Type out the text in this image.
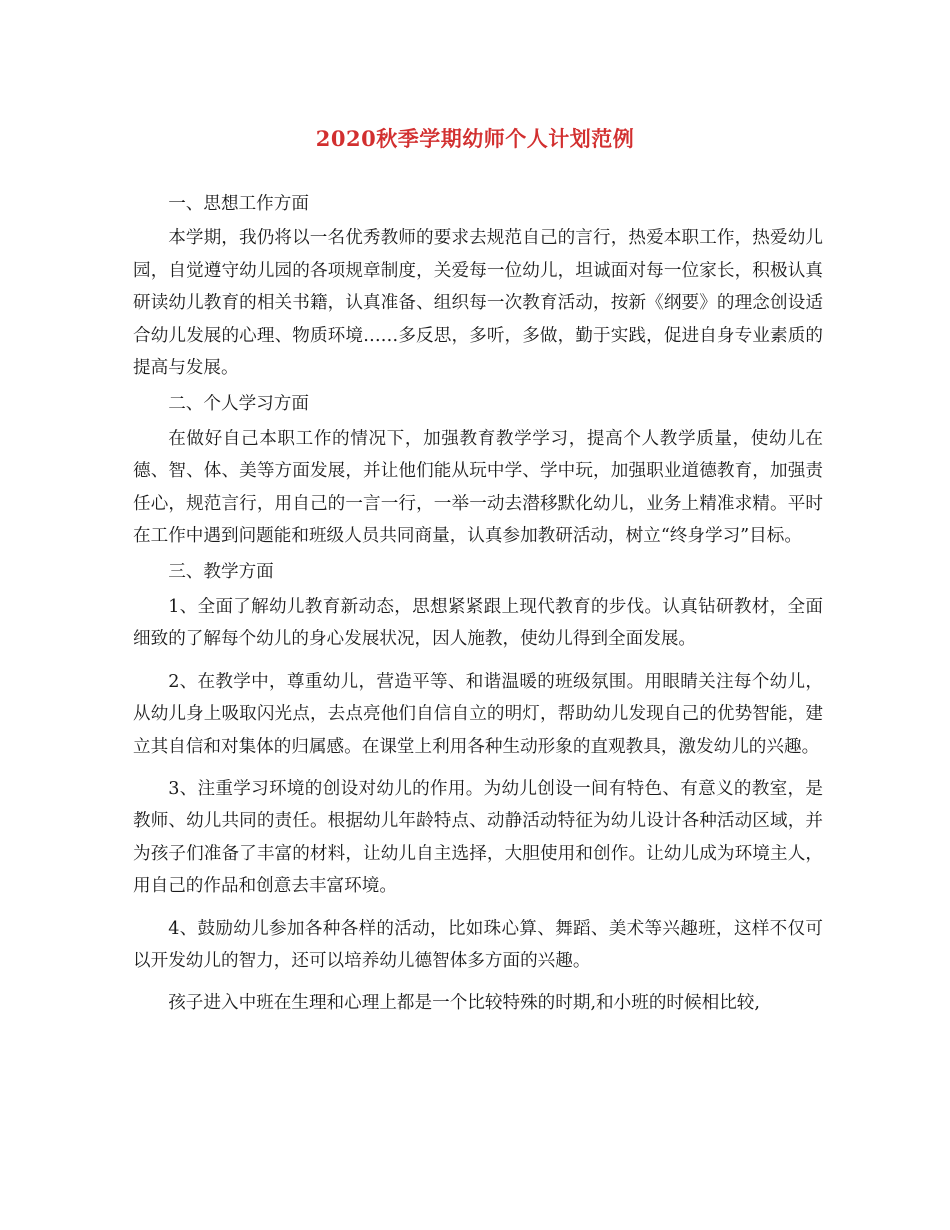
2020秋季学期幼师个人计划范例

一、思想工作方面

本学期，我仍将以一名优秀教师的要求去规范自己的言行，热爱本职工作，热爱幼儿园，自觉遵守幼儿园的各项规章制度，关爱每一位幼儿，坦诚面对每一位家长，积极认真研读幼儿教育的相关书籍，认真准备、组织每一次教育活动，按新《纲要》的理念创设适合幼儿发展的心理、物质环境……多反思，多听，多做，勤于实践，促进自身专业素质的提高与发展。

二、个人学习方面

在做好自己本职工作的情况下，加强教育教学学习，提高个人教学质量，使幼儿在德、智、体、美等方面发展，并让他们能从玩中学、学中玩，加强职业道德教育，加强责任心，规范言行，用自己的一言一行，一举一动去潜移默化幼儿，业务上精准求精。平时在工作中遇到问题能和班级人员共同商量，认真参加教研活动，树立“终身学习”目标。

三、教学方面

1、全面了解幼儿教育新动态，思想紧紧跟上现代教育的步伐。认真钻研教材，全面细致的了解每个幼儿的身心发展状况，因人施教，使幼儿得到全面发展。

2、在教学中，尊重幼儿，营造平等、和谐温暖的班级氛围。用眼睛关注每个幼儿，从幼儿身上吸取闪光点，去点亮他们自信自立的明灯，帮助幼儿发现自己的优势智能，建立其自信和对集体的归属感。在课堂上利用各种生动形象的直观教具，激发幼儿的兴趣。

3、注重学习环境的创设对幼儿的作用。为幼儿创设一间有特色、有意义的教室，是教师、幼儿共同的责任。根据幼儿年龄特点、动静活动特征为幼儿设计各种活动区域，并为孩子们准备了丰富的材料，让幼儿自主选择，大胆使用和创作。让幼儿成为环境主人，用自己的作品和创意去丰富环境。

4、鼓励幼儿参加各种各样的活动，比如珠心算、舞蹈、美术等兴趣班，这样不仅可以开发幼儿的智力，还可以培养幼儿德智体多方面的兴趣。

孩子进入中班在生理和心理上都是一个比较特殊的时期,和小班的时候相比较,
